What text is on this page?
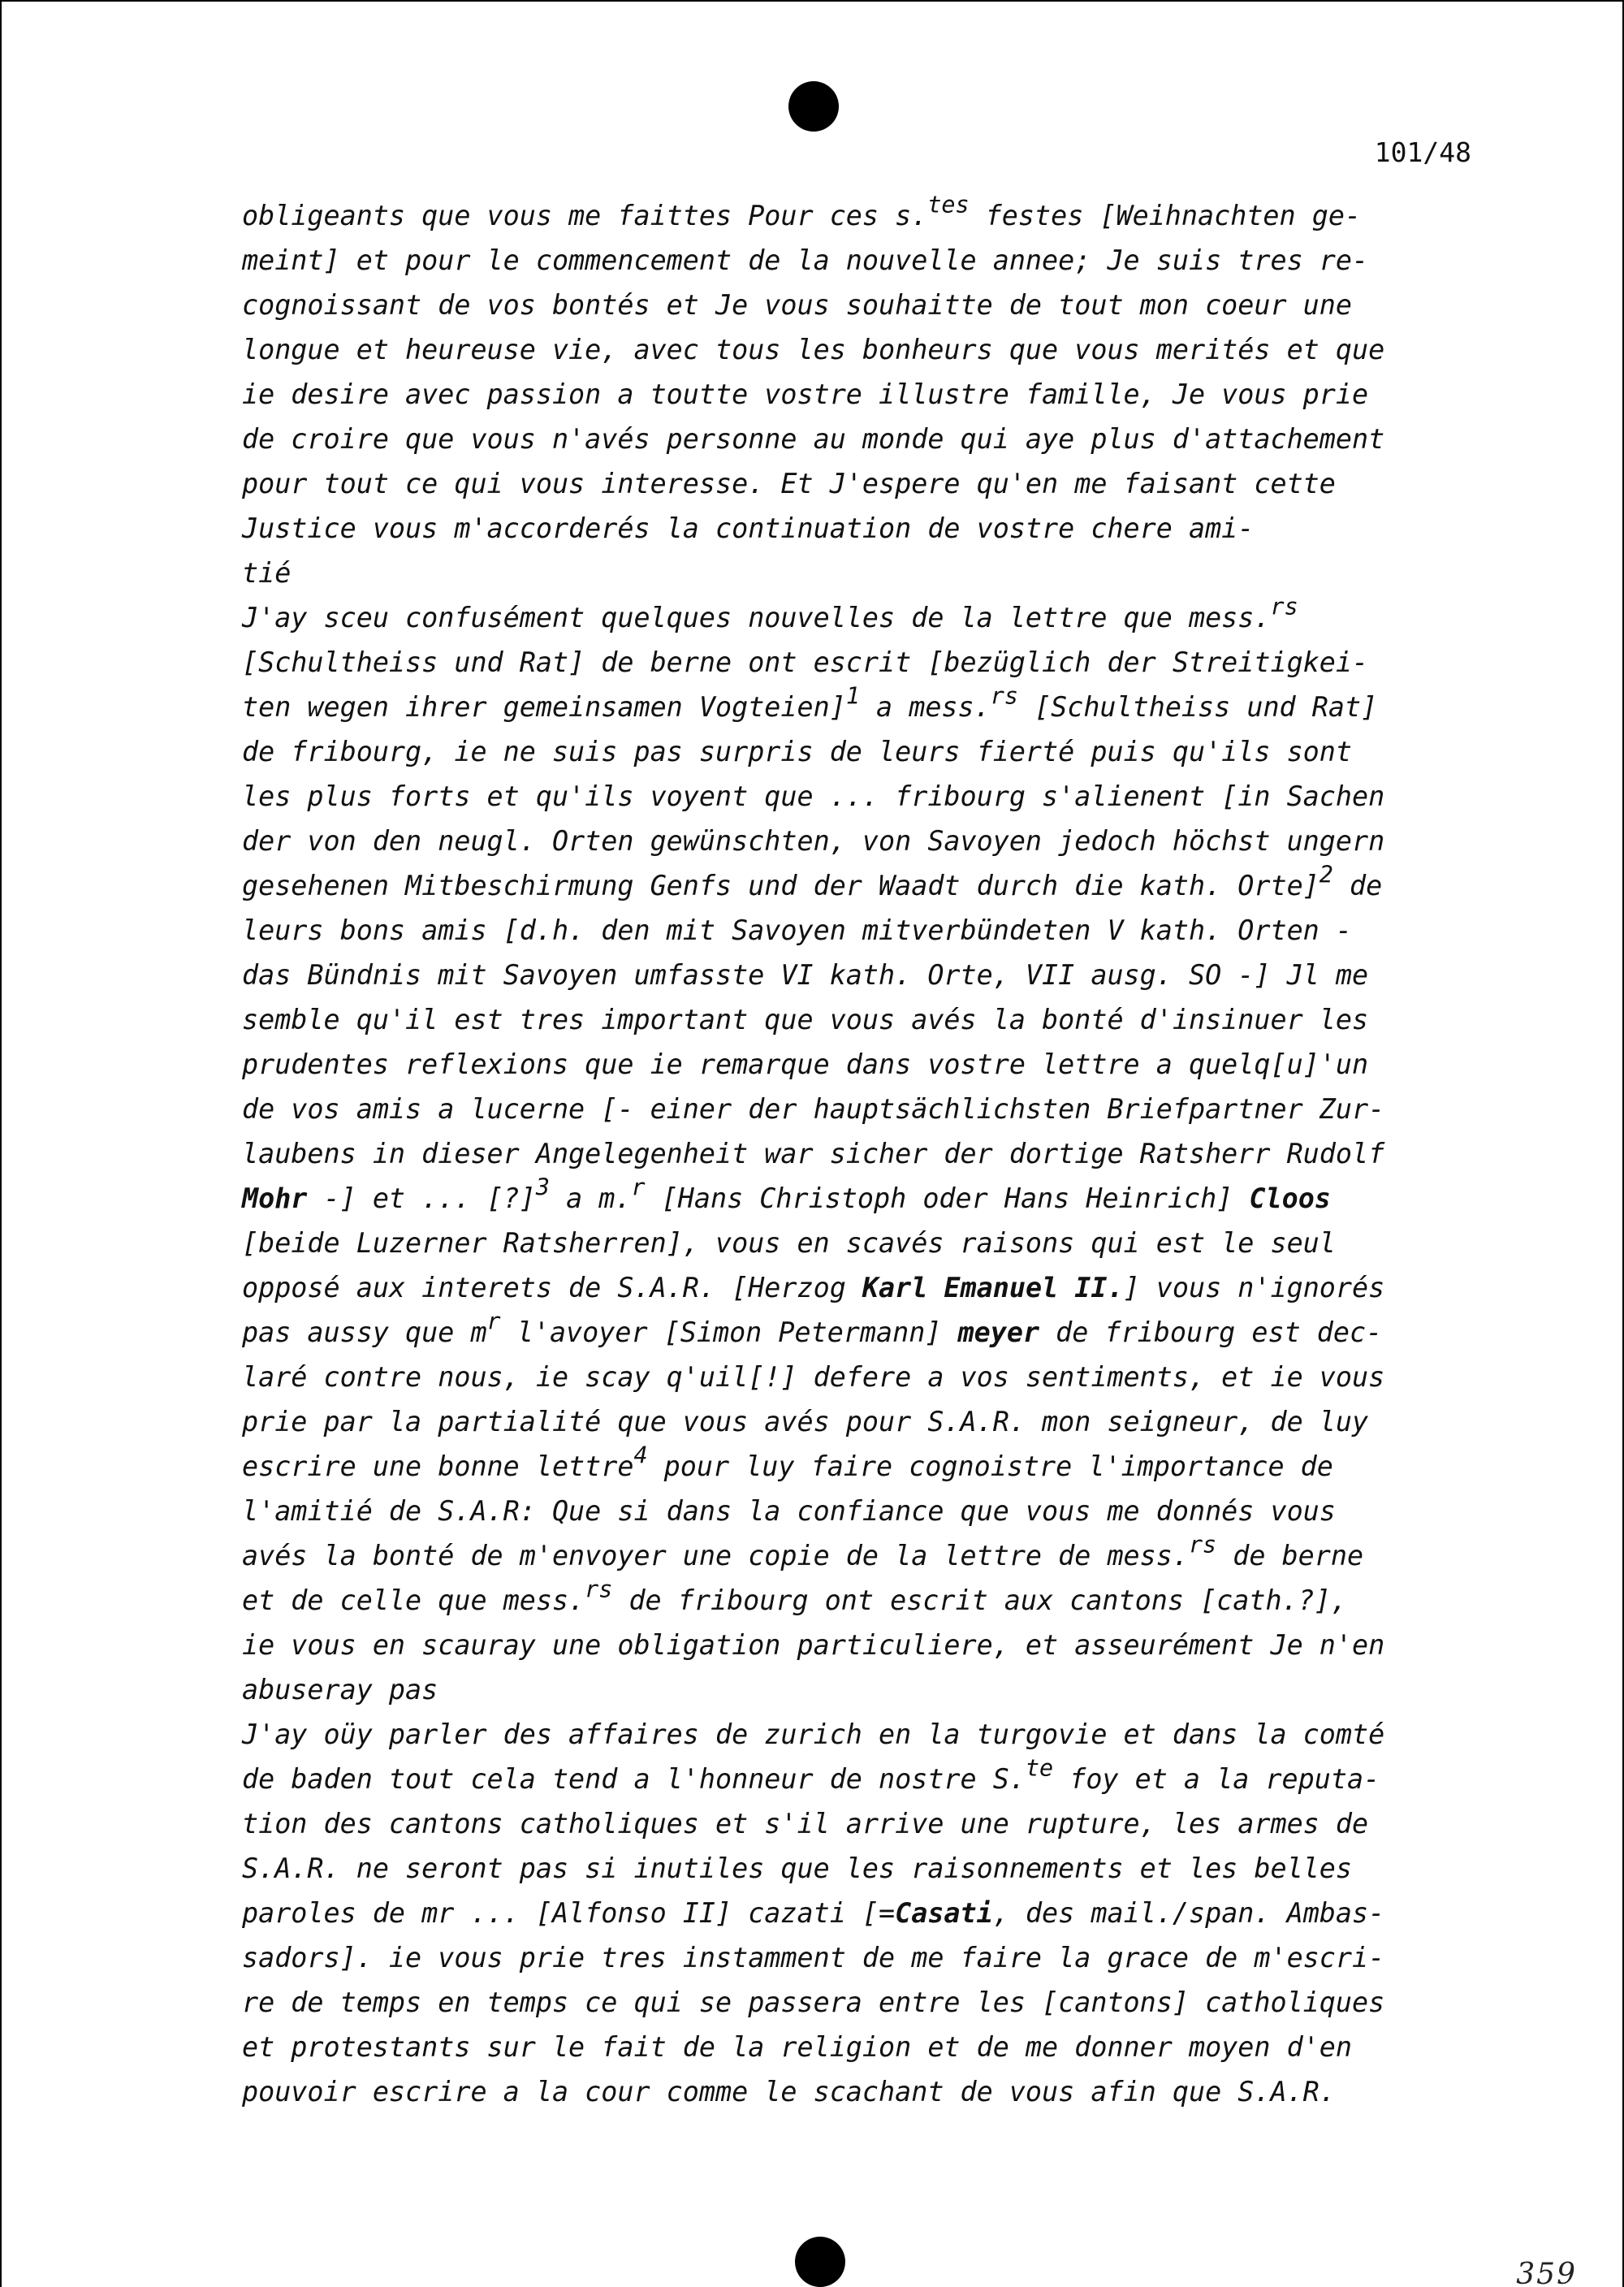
101/48
obligeants que vous me faittes Pour ces s.$^{tes}$ festes [Weihnachten ge-
meint] et pour le commencement de la nouvelle annee; Je suis tres re-
cognoissant de vos bontés et Je vous souhaitte de tout mon coeur une
longue et heureuse vie, avec tous les bonheurs que vous merités et que
ie desire avec passion a toutte vostre illustre famille, Je vous prie
de croire que vous n'avés personne au monde qui aye plus d'attachement
pour tout ce qui vous interesse. Et J'espere qu'en me faisant cette
Justice vous m'accorderés la continuation de vostre chere ami-
tié
J'ay sceu confusément quelques nouvelles de la lettre que mess.$^{rs}$
[Schultheiss und Rat] de berne ont escrit [bezüglich der Streitigkei-
ten wegen ihrer gemeinsamen Vogteien]$^1$ a mess.$^{rs}$ [Schultheiss und Rat]
de fribourg, ie ne suis pas surpris de leurs fierté puis qu'ils sont
les plus forts et qu'ils voyent que ... fribourg s'alienent [in Sachen
der von den neugl. Orten gewünschten, von Savoyen jedoch höchst ungern
gesehenen Mitbeschirmung Genfs und der Waadt durch die kath. Orte]$^2$ de
leurs bons amis [d.h. den mit Savoyen mitverbündeten V kath. Orten -
das Bündnis mit Savoyen umfasste VI kath. Orte, VII ausg. SO -] Jl me
semble qu'il est tres important que vous avés la bonté d'insinuer les
prudentes reflexions que ie remarque dans vostre lettre a quelq[u]'un
de vos amis a lucerne [- einer der hauptsächlichsten Briefpartner Zur-
laubens in dieser Angelegenheit war sicher der dortige Ratsherr Rudolf
Mohr -] et ... [?]$^3$ a m.$^r$ [Hans Christoph oder Hans Heinrich] Cloos
[beide Luzerner Ratsherren], vous en scavés raisons qui est le seul
opposé aux interets de S.A.R. [Herzog Karl Emanuel II.] vous n'ignorés
pas aussy que $m^r$ l'avoyer [Simon Petermann] meyer de fribourg est dec-
laré contre nous, ie scay q'uil[!] defere a vos sentiments, et ie vous
prie par la partialité que vous avés pour S.A.R. mon seigneur, de luy
escrire une bonne lettre$^4$ pour luy faire cognoistre l'importance de
l'amitié de S.A.R: Que si dans la confiance que vous me donnés vous
avés la bonté de m'envoyer une copie de la lettre de mess.$^{rs}$ de berne
et de celle que mess.$^{rs}$ de fribourg ont escrit aux cantons [cath.?],
ie vous en scauray une obligation particuliere, et asseurément Je n'en
abuseray pas
J'ay oüy parler des affaires de zurich en la turgovie et dans la comté
de baden tout cela tend a l'honneur de nostre S.$^{te}$ foy et a la reputa-
tion des cantons catholiques et s'il arrive une rupture, les armes de
S.A.R. ne seront pas si inutiles que les raisonnements et les belles
paroles de mr ... [Alfonso II] cazati [=Casati, des mail./span. Ambas-
sadors]. ie vous prie tres instamment de me faire la grace de m'escri-
re de temps en temps ce qui se passera entre les [cantons] catholiques
et protestants sur le fait de la religion et de me donner moyen d'en
pouvoir escrire a la cour comme le scachant de vous afin que S.A.R.
359
